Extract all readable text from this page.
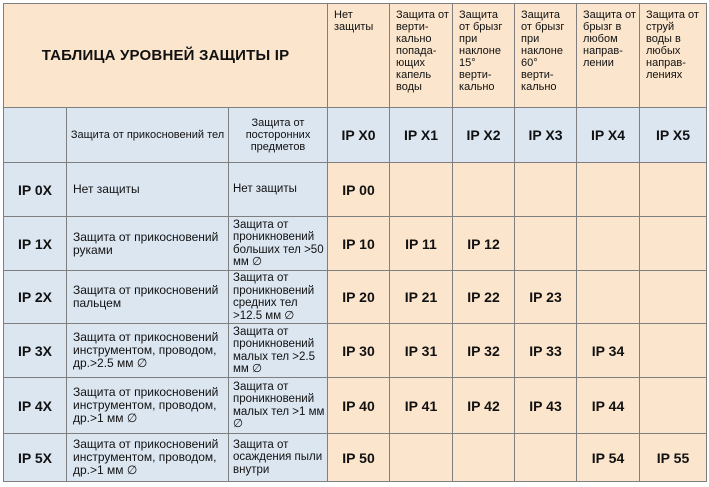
ТАБЛИЦА УРОВНЕЙ ЗАЩИТЫ IP			Нет защиты	Защита от верти-кально попада-ющих капель воды	Защита от брызг при наклоне 15° верти-кально	Защита от брызг при наклоне 60° верти-кально	Защита от брызг в любом направ-лении	Защита от струй воды в любых направ-лениях
	Защита от прикосновений тел	Защита от посторонних предметов	IP X0	IP X1	IP X2	IP X3	IP X4	IP X5
IP 0X	Нет защиты	Нет защиты	IP 00					
IP 1X	Защита от прикосновений руками	Защита от проникновений больших тел >50 мм ∅	IP 10	IP 11	IP 12			
IP 2X	Защита от прикосновений пальцем	Защита от проникновений средних тел >12.5 мм ∅	IP 20	IP 21	IP 22	IP 23		
IP 3X	Защита от прикосновений инструментом, проводом, др.>2.5 мм ∅	Защита от проникновений малых тел >2.5 мм ∅	IP 30	IP 31	IP 32	IP 33	IP 34	
IP 4X	Защита от прикосновений инструментом, проводом, др.>1 мм ∅	Защита от проникновений малых тел >1 мм ∅	IP 40	IP 41	IP 42	IP 43	IP 44	
IP 5X	Защита от прикосновений инструментом, проводом, др.>1 мм ∅	Защита от осаждения пыли внутри	IP 50				IP 54	IP 55
